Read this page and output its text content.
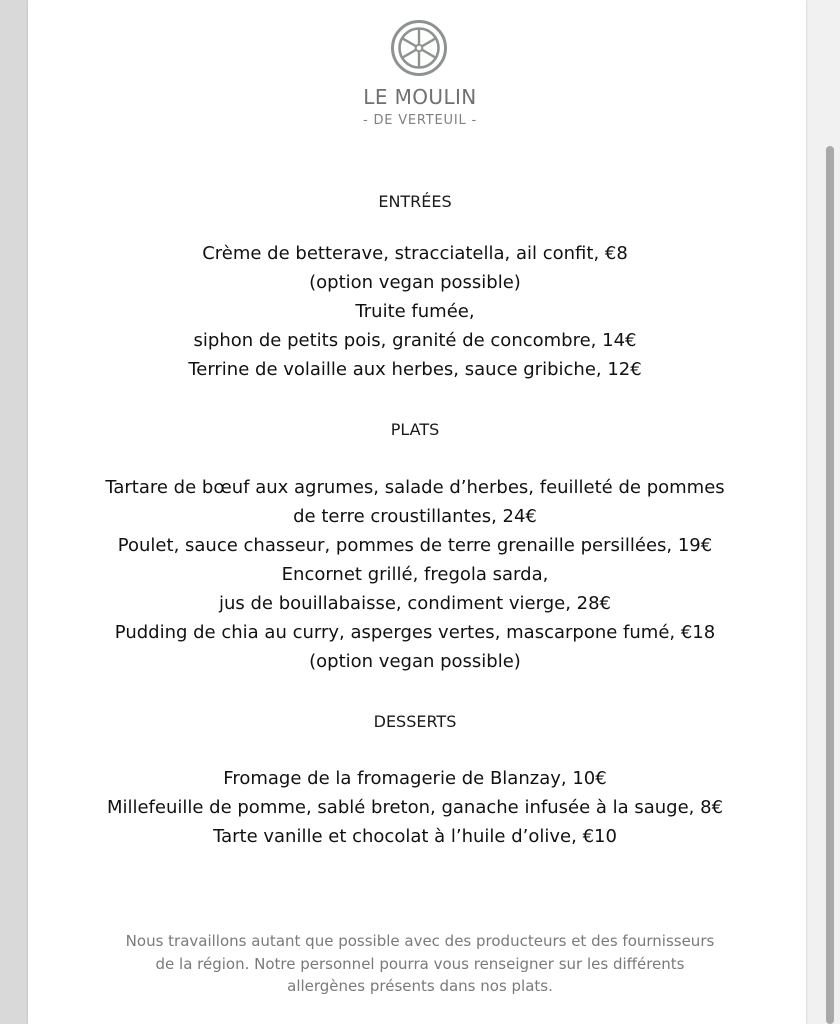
LE MOULIN
- DE VERTEUIL -
ENTRÉES
Crème de betterave, stracciatella, ail confit, €8
(option vegan possible)
Truite fumée,
siphon de petits pois, granité de concombre, 14€
Terrine de volaille aux herbes, sauce gribiche, 12€
PLATS
Tartare de bœuf aux agrumes, salade d’herbes, feuilleté de pommes
de terre croustillantes, 24€
Poulet, sauce chasseur, pommes de terre grenaille persillées, 19€
Encornet grillé, fregola sarda,
jus de bouillabaisse, condiment vierge, 28€
Pudding de chia au curry, asperges vertes, mascarpone fumé, €18
(option vegan possible)
DESSERTS
Fromage de la fromagerie de Blanzay, 10€
Millefeuille de pomme, sablé breton, ganache infusée à la sauge, 8€
Tarte vanille et chocolat à l’huile d’olive, €10
Nous travaillons autant que possible avec des producteurs et des fournisseurs de la région. Notre personnel pourra vous renseigner sur les différents allergènes présents dans nos plats.
